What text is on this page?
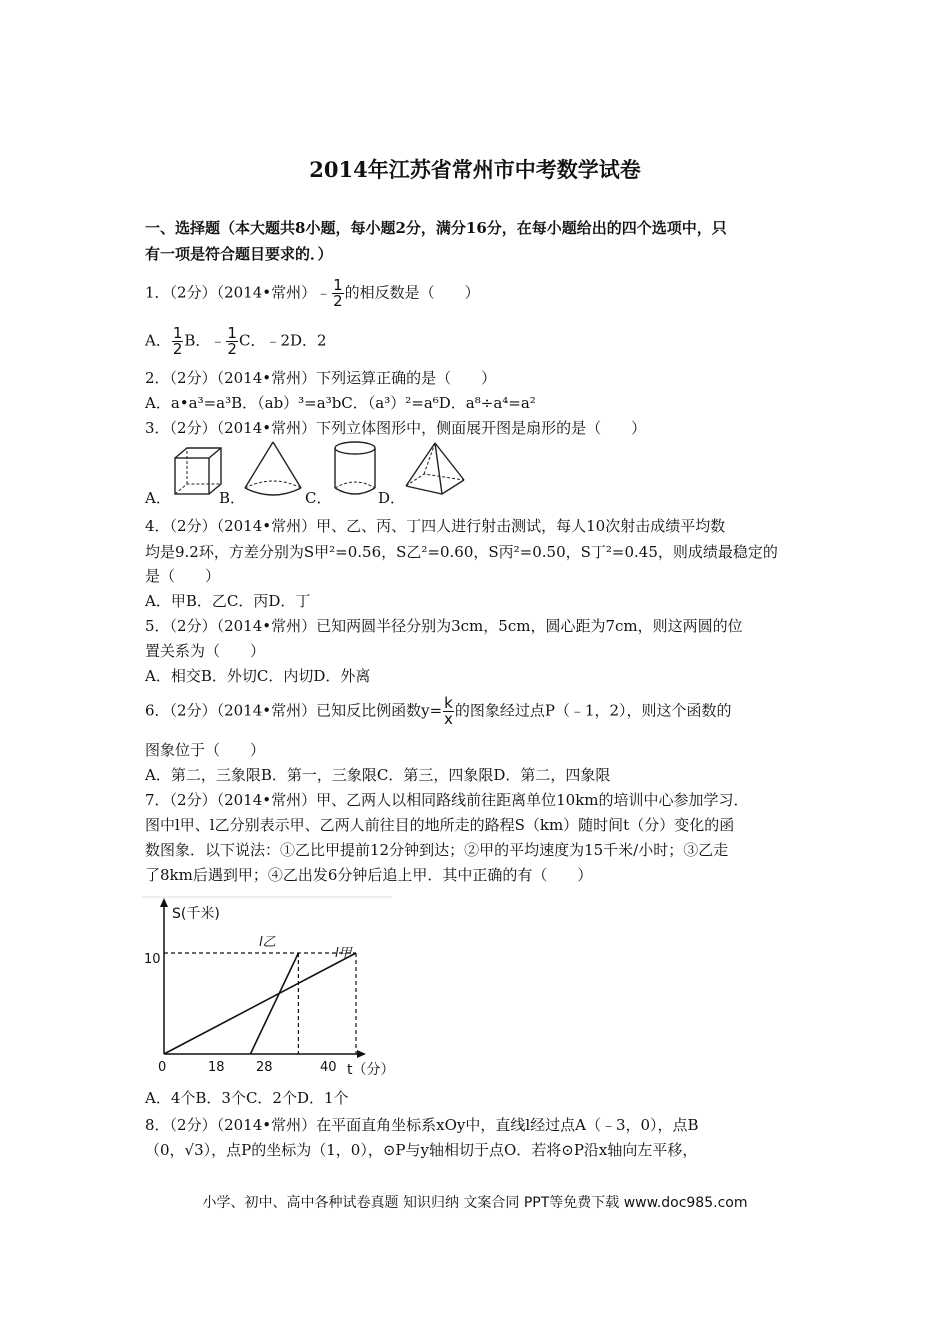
2014年江苏省常州市中考数学试卷
一、选择题（本大题共8小题，每小题2分，满分16分，在每小题给出的四个选项中，只
有一项是符合题目要求的．）
1．（2分）（2014•常州）﹣ $\frac{1}{2}$ 的相反数是（　　）
A． $\frac{1}{2}$ B．﹣ $\frac{1}{2}$ C．﹣2D．2
2．（2分）（2014•常州）下列运算正确的是（　　）
A．a•a³=a³B．（ab）³=a³bC．（a³）²=a⁶D．a⁸÷a⁴=a²
3．（2分）（2014•常州）下列立体图形中，侧面展开图是扇形的是（　　）
A．	B．	C．	D．
4．（2分）（2014•常州）甲、乙、丙、丁四人进行射击测试，每人10次射击成绩平均数
均是9.2环，方差分别为S甲²=0.56，S乙²=0.60，S丙²=0.50，S丁²=0.45，则成绩最稳定的
是（　　）
A．甲B．乙C．丙D．丁
5．（2分）（2014•常州）已知两圆半径分别为3cm，5cm，圆心距为7cm，则这两圆的位
置关系为（　　）
A．相交B．外切C．内切D．外离
6．（2分）（2014•常州）已知反比例函数$y= \frac{k}{x}$ 的图象经过点P（﹣1，2），则这个函数的
图象位于（　　）
A．第二，三象限B．第一，三象限C．第三，四象限D．第二，四象限
7．（2分）（2014•常州）甲、乙两人以相同路线前往距离单位10km的培训中心参加学习．
图中l甲、l乙分别表示甲、乙两人前往目的地所走的路程S（km）随时间t（分）变化的函
数图象．以下说法：①乙比甲提前12分钟到达；②甲的平均速度为15千米/小时；③乙走
了8km后遇到甲；④乙出发6分钟后追上甲．其中正确的有（　　）
S(千米)
t（分）
0
10
18 28	40
l乙
l甲
A．4个B．3个C．2个D．1个
8．（2分）（2014•常州）在平面直角坐标系xOy中，直线l经过点A（﹣3，0），点B
（0，√3），点P的坐标为（1，0），⊙P与y轴相切于点O．若将⊙P沿x轴向左平移，
小学、初中、高中各种试卷真题 知识归纳 文案合同 PPT等免费下载 www.doc985.com
